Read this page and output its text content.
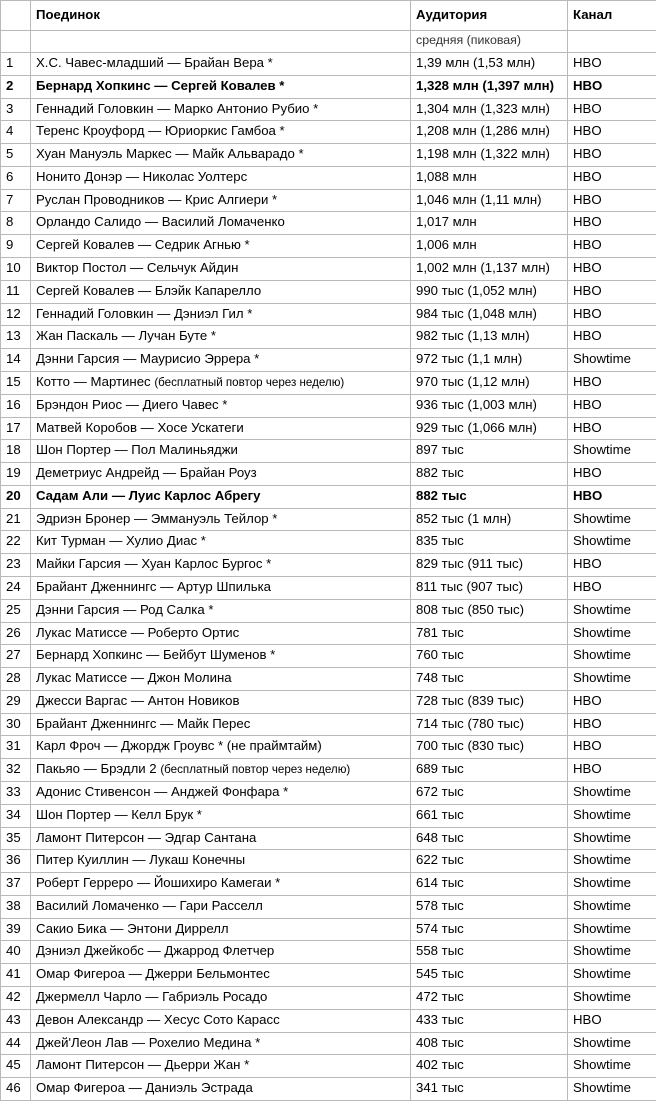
	Поединок	Аудитория	Канал
		средняя (пиковая)	
1	Х.С. Чавес-младший — Брайан Вера *	1,39 млн (1,53 млн)	HBO
2	Бернард Хопкинс — Сергей Ковалев *	1,328 млн (1,397 млн)	HBO
3	Геннадий Головкин — Марко Антонио Рубио *	1,304 млн (1,323 млн)	HBO
4	Теренс Кроуфорд — Юриоркис Гамбоа *	1,208 млн (1,286 млн)	HBO
5	Хуан Мануэль Маркес — Майк Альварадо *	1,198 млн (1,322 млн)	HBO
6	Нонито Донэр — Николас Уолтерс	1,088 млн	HBO
7	Руслан Проводников — Крис Алгиери *	1,046 млн (1,11 млн)	HBO
8	Орландо Салидо — Василий Ломаченко	1,017 млн	HBO
9	Сергей Ковалев — Седрик Агнью *	1,006 млн	HBO
10	Виктор Постол — Сельчук Айдин	1,002 млн (1,137 млн)	HBO
11	Сергей Ковалев — Блэйк Капарелло	990 тыс (1,052 млн)	HBO
12	Геннадий Головкин — Дэниэл Гил *	984 тыс (1,048 млн)	HBO
13	Жан Паскаль — Лучан Буте *	982 тыс (1,13 млн)	HBO
14	Дэнни Гарсия — Маурисио Эррера *	972 тыс (1,1 млн)	Showtime
15	Котто — Мартинес (бесплатный повтор через неделю)	970 тыс (1,12 млн)	HBO
16	Брэндон Риос — Диего Чавес *	936 тыс (1,003 млн)	HBO
17	Матвей Коробов — Хосе Ускатеги	929 тыс (1,066 млн)	HBO
18	Шон Портер — Пол Малиньяджи	897 тыс	Showtime
19	Деметриус Андрейд — Брайан Роуз	882 тыс	HBO
20	Садам Али — Луис Карлос Абрегу	882 тыс	HBO
21	Эдриэн Бронер — Эммануэль Тейлор *	852 тыс (1 млн)	Showtime
22	Кит Турман — Хулио Диас *	835 тыс	Showtime
23	Майки Гарсия — Хуан Карлос Бургос *	829 тыс (911 тыс)	HBO
24	Брайант Дженнингс — Артур Шпилька	811 тыс (907 тыс)	HBO
25	Дэнни Гарсия — Род Салка *	808 тыс (850 тыс)	Showtime
26	Лукас Матиссе — Роберто Ортис	781 тыс	Showtime
27	Бернард Хопкинс — Бейбут Шуменов *	760 тыс	Showtime
28	Лукас Матиссе — Джон Молина	748 тыс	Showtime
29	Джесси Варгас — Антон Новиков	728 тыс (839 тыс)	HBO
30	Брайант Дженнингс — Майк Перес	714 тыс (780 тыс)	HBO
31	Карл Фроч — Джордж Гроувс * (не праймтайм)	700 тыс (830 тыс)	HBO
32	Пакьяо — Брэдли 2 (бесплатный повтор через неделю)	689 тыс	HBO
33	Адонис Стивенсон — Анджей Фонфара *	672 тыс	Showtime
34	Шон Портер — Келл Брук *	661 тыс	Showtime
35	Ламонт Питерсон — Эдгар Сантана	648 тыс	Showtime
36	Питер Куиллин — Лукаш Конечны	622 тыс	Showtime
37	Роберт Герреро — Йошихиро Камегаи *	614 тыс	Showtime
38	Василий Ломаченко — Гари Расселл	578 тыс	Showtime
39	Сакио Бика — Энтони Диррелл	574 тыс	Showtime
40	Дэниэл Джейкобс — Джаррод Флетчер	558 тыс	Showtime
41	Омар Фигероа — Джерри Бельмонтес	545 тыс	Showtime
42	Джермелл Чарло — Габриэль Росадо	472 тыс	Showtime
43	Девон Александр — Хесус Сото Карасс	433 тыс	HBO
44	Джей'Леон Лав — Рохелио Медина *	408 тыс	Showtime
45	Ламонт Питерсон — Дьерри Жан *	402 тыс	Showtime
46	Омар Фигероа — Даниэль Эстрада	341 тыс	Showtime
